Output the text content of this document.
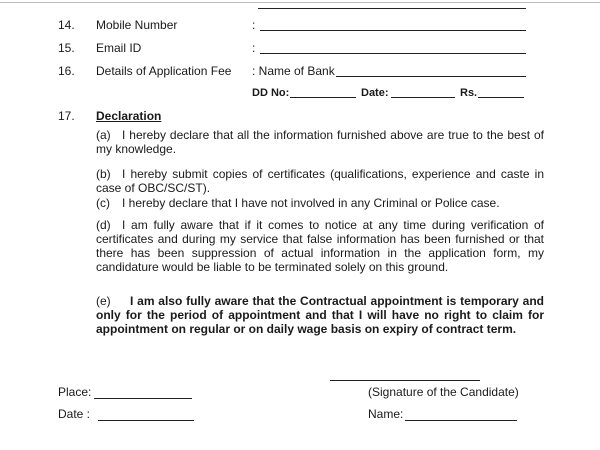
14. Mobile Number	:
15. Email ID	:
16. Details of Application Fee : Name of Bank
DD No:	Date:	Rs.
17. Declaration
(a) I hereby declare that all the information furnished above are true to the best of my knowledge.
(b) I hereby submit copies of certificates (qualifications, experience and caste in case of OBC/SC/ST).
(c) I hereby declare that I have not involved in any Criminal or Police case.
(d) I am fully aware that if it comes to notice at any time during verification of certificates and during my service that false information has been furnished or that there has been suppression of actual information in the application form, my candidature would be liable to be terminated solely on this ground.
(e) I am also fully aware that the Contractual appointment is temporary and only for the period of appointment and that I will have no right to claim for appointment on regular or on daily wage basis on expiry of contract term.
Place:
Date :
(Signature of the Candidate)
Name:
